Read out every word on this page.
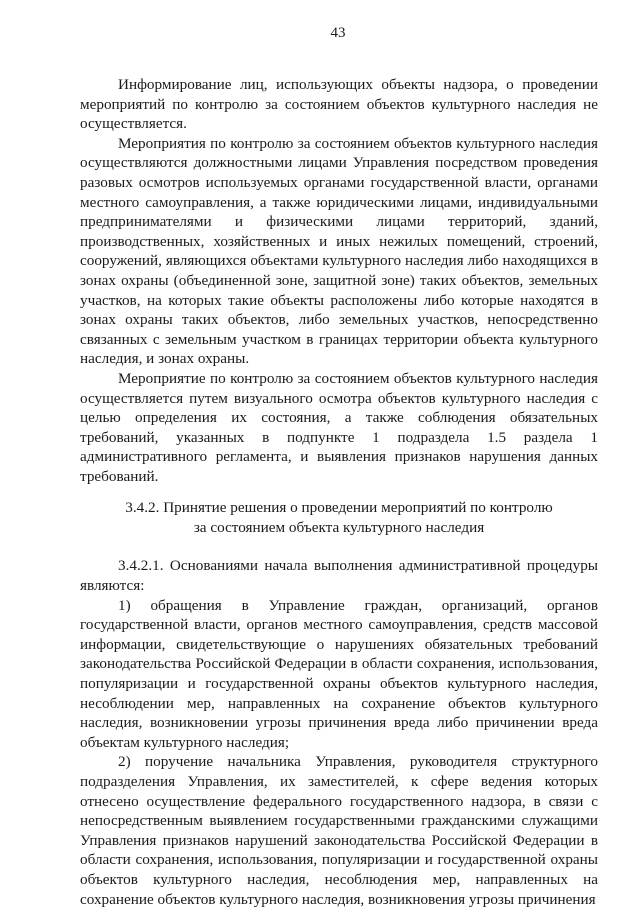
43

Информирование лиц, использующих объекты надзора, о проведении мероприятий по контролю за состоянием объектов культурного наследия не осуществляется.

Мероприятия по контролю за состоянием объектов культурного наследия осуществляются должностными лицами Управления посредством проведения разовых осмотров используемых органами государственной власти, органами местного самоуправления, а также юридическими лицами, индивидуальными предпринимателями и физическими лицами территорий, зданий, производственных, хозяйственных и иных нежилых помещений, строений, сооружений, являющихся объектами культурного наследия либо находящихся в зонах охраны (объединенной зоне, защитной зоне) таких объектов, земельных участков, на которых такие объекты расположены либо которые находятся в зонах охраны таких объектов, либо земельных участков, непосредственно связанных с земельным участком в границах территории объекта культурного наследия, и зонах охраны.

Мероприятие по контролю за состоянием объектов культурного наследия осуществляется путем визуального осмотра объектов культурного наследия с целью определения их состояния, а также соблюдения обязательных требований, указанных в подпункте 1 подраздела 1.5 раздела 1 административного регламента, и выявления признаков нарушения данных требований.

3.4.2. Принятие решения о проведении мероприятий по контролю
за состоянием объекта культурного наследия

3.4.2.1. Основаниями начала выполнения административной процедуры являются:

1) обращения в Управление граждан, организаций, органов государственной власти, органов местного самоуправления, средств массовой информации, свидетельствующие о нарушениях обязательных требований законодательства Российской Федерации в области сохранения, использования, популяризации и государственной охраны объектов культурного наследия, несоблюдении мер, направленных на сохранение объектов культурного наследия, возникновении угрозы причинения вреда либо причинении вреда объектам культурного наследия;

2) поручение начальника Управления, руководителя структурного подразделения Управления, их заместителей, к сфере ведения которых отнесено осуществление федерального государственного надзора, в связи с непосредственным выявлением государственными гражданскими служащими Управления признаков нарушений законодательства Российской Федерации в области сохранения, использования, популяризации и государственной охраны объектов культурного наследия, несоблюдения мер, направленных на сохранение объектов культурного наследия, возникновения угрозы причинения
